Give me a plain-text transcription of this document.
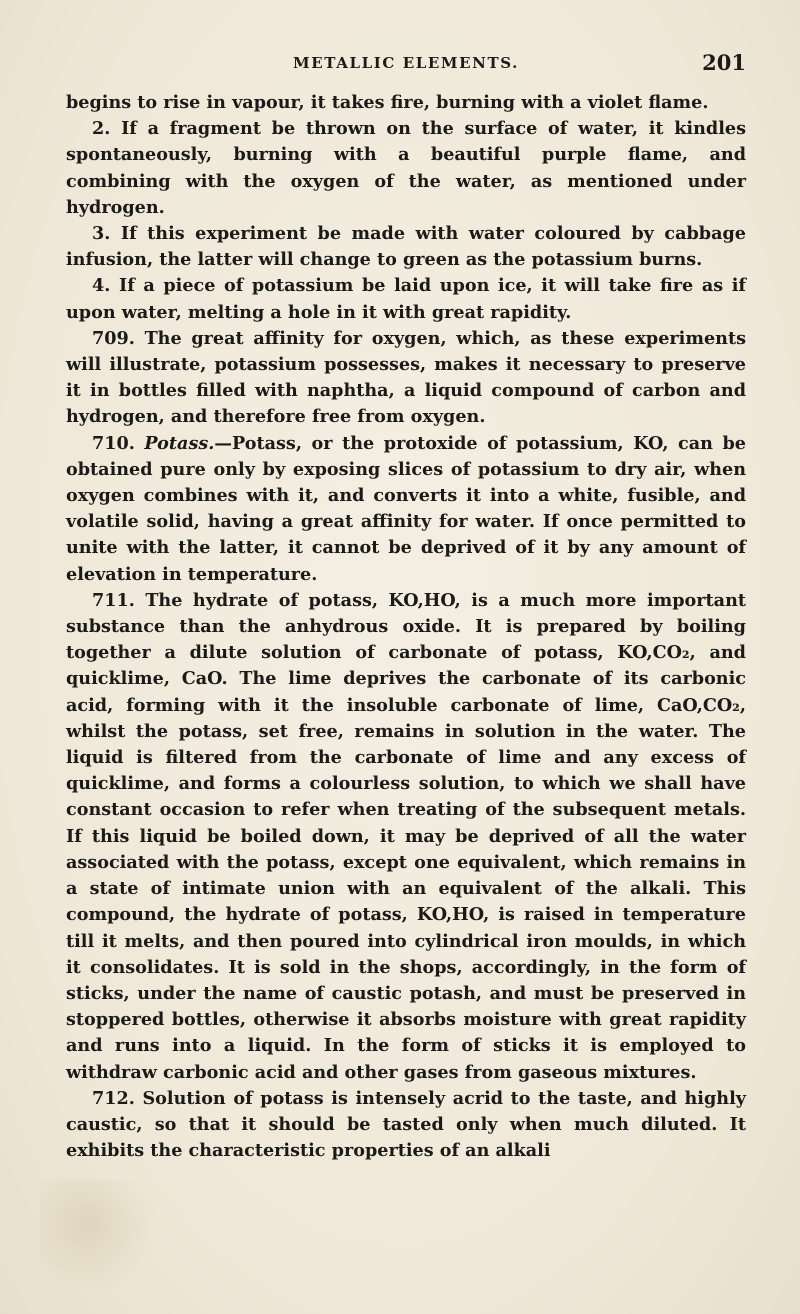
METALLIC ELEMENTS.	201

begins to rise in vapour, it takes fire, burning with a violet flame.

2. If a fragment be thrown on the surface of water, it kindles spontaneously, burning with a beautiful purple flame, and combining with the oxygen of the water, as mentioned under hydrogen.

3. If this experiment be made with water coloured by cabbage infusion, the latter will change to green as the potassium burns.

4. If a piece of potassium be laid upon ice, it will take fire as if upon water, melting a hole in it with great rapidity.

709. The great affinity for oxygen, which, as these experiments will illustrate, potassium possesses, makes it necessary to preserve it in bottles filled with naphtha, a liquid compound of carbon and hydrogen, and therefore free from oxygen.

710. Potass.—Potass, or the protoxide of potassium, KO, can be obtained pure only by exposing slices of potassium to dry air, when oxygen combines with it, and converts it into a white, fusible, and volatile solid, having a great affinity for water. If once permitted to unite with the latter, it cannot be deprived of it by any amount of elevation in temperature.

711. The hydrate of potass, KO,HO, is a much more important substance than the anhydrous oxide. It is prepared by boiling together a dilute solution of carbonate of potass, KO,CO₂, and quicklime, CaO. The lime deprives the carbonate of its carbonic acid, forming with it the insoluble carbonate of lime, CaO,CO₂, whilst the potass, set free, remains in solution in the water. The liquid is filtered from the carbonate of lime and any excess of quicklime, and forms a colourless solution, to which we shall have constant occasion to refer when treating of the subsequent metals. If this liquid be boiled down, it may be deprived of all the water associated with the potass, except one equivalent, which remains in a state of intimate union with an equivalent of the alkali. This compound, the hydrate of potass, KO,HO, is raised in temperature till it melts, and then poured into cylindrical iron moulds, in which it consolidates. It is sold in the shops, accordingly, in the form of sticks, under the name of caustic potash, and must be preserved in stoppered bottles, otherwise it absorbs moisture with great rapidity and runs into a liquid. In the form of sticks it is employed to withdraw carbonic acid and other gases from gaseous mixtures.

712. Solution of potass is intensely acrid to the taste, and highly caustic, so that it should be tasted only when much diluted. It exhibits the characteristic properties of an alkali
